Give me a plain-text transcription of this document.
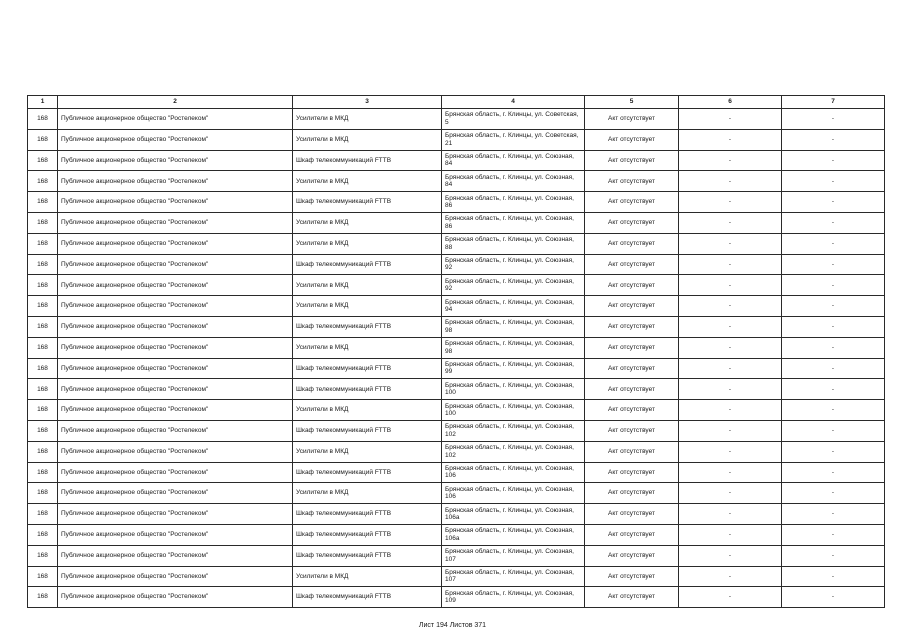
1	2	3	4	5	6	7
168	Публичное акционерное общество "Ростелеком"	Усилители в МКД	Брянская область, г. Клинцы, ул. Советская, 5	Акт отсутствует	-	-
168	Публичное акционерное общество "Ростелеком"	Усилители в МКД	Брянская область, г. Клинцы, ул. Советская, 21	Акт отсутствует	-	-
168	Публичное акционерное общество "Ростелеком"	Шкаф телекоммуникаций FTTB	Брянская область, г. Клинцы, ул. Союзная, 84	Акт отсутствует	-	-
168	Публичное акционерное общество "Ростелеком"	Усилители в МКД	Брянская область, г. Клинцы, ул. Союзная, 84	Акт отсутствует	-	-
168	Публичное акционерное общество "Ростелеком"	Шкаф телекоммуникаций FTTB	Брянская область, г. Клинцы, ул. Союзная, 86	Акт отсутствует	-	-
168	Публичное акционерное общество "Ростелеком"	Усилители в МКД	Брянская область, г. Клинцы, ул. Союзная, 86	Акт отсутствует	-	-
168	Публичное акционерное общество "Ростелеком"	Усилители в МКД	Брянская область, г. Клинцы, ул. Союзная, 88	Акт отсутствует	-	-
168	Публичное акционерное общество "Ростелеком"	Шкаф телекоммуникаций FTTB	Брянская область, г. Клинцы, ул. Союзная, 92	Акт отсутствует	-	-
168	Публичное акционерное общество "Ростелеком"	Усилители в МКД	Брянская область, г. Клинцы, ул. Союзная, 92	Акт отсутствует	-	-
168	Публичное акционерное общество "Ростелеком"	Усилители в МКД	Брянская область, г. Клинцы, ул. Союзная, 94	Акт отсутствует	-	-
168	Публичное акционерное общество "Ростелеком"	Шкаф телекоммуникаций FTTB	Брянская область, г. Клинцы, ул. Союзная, 98	Акт отсутствует	-	-
168	Публичное акционерное общество "Ростелеком"	Усилители в МКД	Брянская область, г. Клинцы, ул. Союзная, 98	Акт отсутствует	-	-
168	Публичное акционерное общество "Ростелеком"	Шкаф телекоммуникаций FTTB	Брянская область, г. Клинцы, ул. Союзная, 99	Акт отсутствует	-	-
168	Публичное акционерное общество "Ростелеком"	Шкаф телекоммуникаций FTTB	Брянская область, г. Клинцы, ул. Союзная, 100	Акт отсутствует	-	-
168	Публичное акционерное общество "Ростелеком"	Усилители в МКД	Брянская область, г. Клинцы, ул. Союзная, 100	Акт отсутствует	-	-
168	Публичное акционерное общество "Ростелеком"	Шкаф телекоммуникаций FTTB	Брянская область, г. Клинцы, ул. Союзная, 102	Акт отсутствует	-	-
168	Публичное акционерное общество "Ростелеком"	Усилители в МКД	Брянская область, г. Клинцы, ул. Союзная, 102	Акт отсутствует	-	-
168	Публичное акционерное общество "Ростелеком"	Шкаф телекоммуникаций FTTB	Брянская область, г. Клинцы, ул. Союзная, 106	Акт отсутствует	-	-
168	Публичное акционерное общество "Ростелеком"	Усилители в МКД	Брянская область, г. Клинцы, ул. Союзная, 106	Акт отсутствует	-	-
168	Публичное акционерное общество "Ростелеком"	Шкаф телекоммуникаций FTTB	Брянская область, г. Клинцы, ул. Союзная, 106а	Акт отсутствует	-	-
168	Публичное акционерное общество "Ростелеком"	Шкаф телекоммуникаций FTTB	Брянская область, г. Клинцы, ул. Союзная, 106а	Акт отсутствует	-	-
168	Публичное акционерное общество "Ростелеком"	Шкаф телекоммуникаций FTTB	Брянская область, г. Клинцы, ул. Союзная, 107	Акт отсутствует	-	-
168	Публичное акционерное общество "Ростелеком"	Усилители в МКД	Брянская область, г. Клинцы, ул. Союзная, 107	Акт отсутствует	-	-
168	Публичное акционерное общество "Ростелеком"	Шкаф телекоммуникаций FTTB	Брянская область, г. Клинцы, ул. Союзная, 109	Акт отсутствует	-	-
Лист 194 Листов 371
